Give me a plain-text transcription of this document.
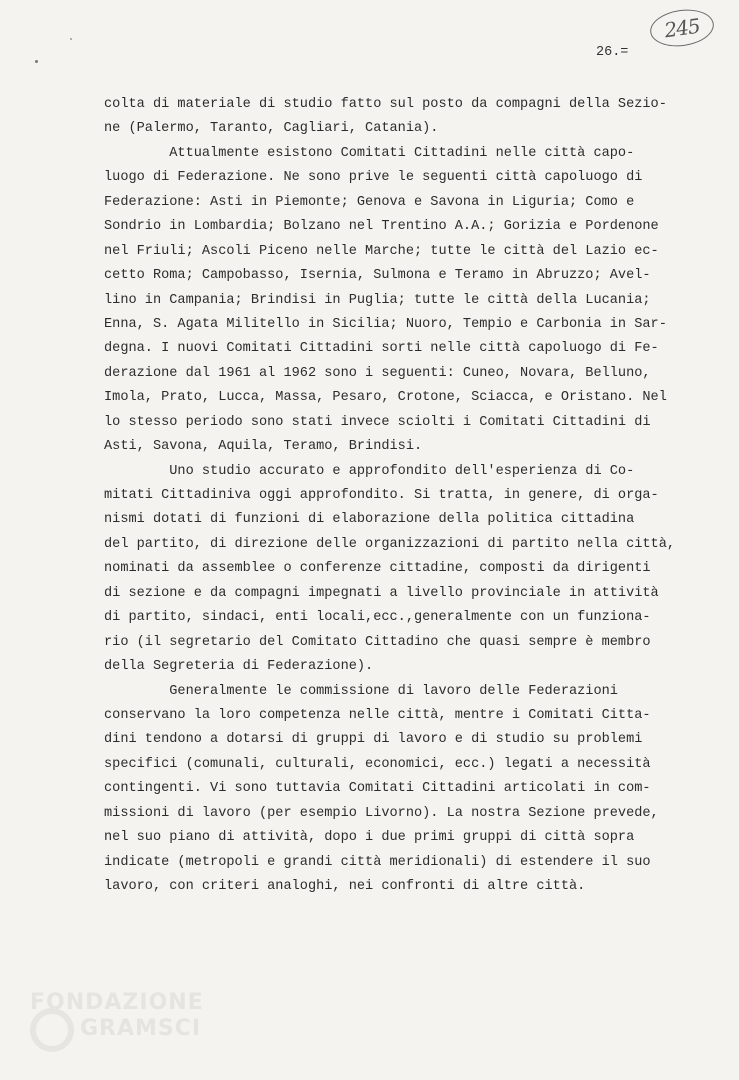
245
26.=
colta di materiale di studio fatto sul posto da compagni della Sezio-
ne (Palermo, Taranto, Cagliari, Catania).
Attualmente esistono Comitati Cittadini nelle città capo-
luogo di Federazione. Ne sono prive le seguenti città capoluogo di
Federazione: Asti in Piemonte; Genova e Savona in Liguria; Como e
Sondrio in Lombardia; Bolzano nel Trentino A.A.; Gorizia e Pordenone
nel Friuli; Ascoli Piceno nelle Marche; tutte le città del Lazio ec-
cetto Roma; Campobasso, Isernia, Sulmona e Teramo in Abruzzo; Avel-
lino in Campania; Brindisi in Puglia; tutte le città della Lucania;
Enna, S. Agata Militello in Sicilia; Nuoro, Tempio e Carbonia in Sar-
degna. I nuovi Comitati Cittadini sorti nelle città capoluogo di Fe-
derazione dal 1961 al 1962 sono i seguenti: Cuneo, Novara, Belluno,
Imola, Prato, Lucca, Massa, Pesaro, Crotone, Sciacca, e Oristano. Nel
lo stesso periodo sono stati invece sciolti i Comitati Cittadini di
Asti, Savona, Aquila, Teramo, Brindisi.
Uno studio accurato e approfondito dell'esperienza di Co-
mitati Cittadiniva oggi approfondito. Si tratta, in genere, di orga-
nismi dotati di funzioni di elaborazione della politica cittadina
del partito, di direzione delle organizzazioni di partito nella città,
nominati da assemblee o conferenze cittadine, composti da dirigenti
di sezione e da compagni impegnati a livello provinciale in attività
di partito, sindaci, enti locali,ecc.,generalmente con un funziona-
rio (il segretario del Comitato Cittadino che quasi sempre è membro
della Segreteria di Federazione).
Generalmente le commissione di lavoro delle Federazioni
conservano la loro competenza nelle città, mentre i Comitati Citta-
dini tendono a dotarsi di gruppi di lavoro e di studio su problemi
specifici (comunali, culturali, economici, ecc.) legati a necessità
contingenti. Vi sono tuttavia Comitati Cittadini articolati in com-
missioni di lavoro (per esempio Livorno). La nostra Sezione prevede,
nel suo piano di attività, dopo i due primi gruppi di città sopra
indicate (metropoli e grandi città meridionali) di estendere il suo
lavoro, con criteri analoghi, nei confronti di altre città.
FONDAZIONE
GRAMSCI
